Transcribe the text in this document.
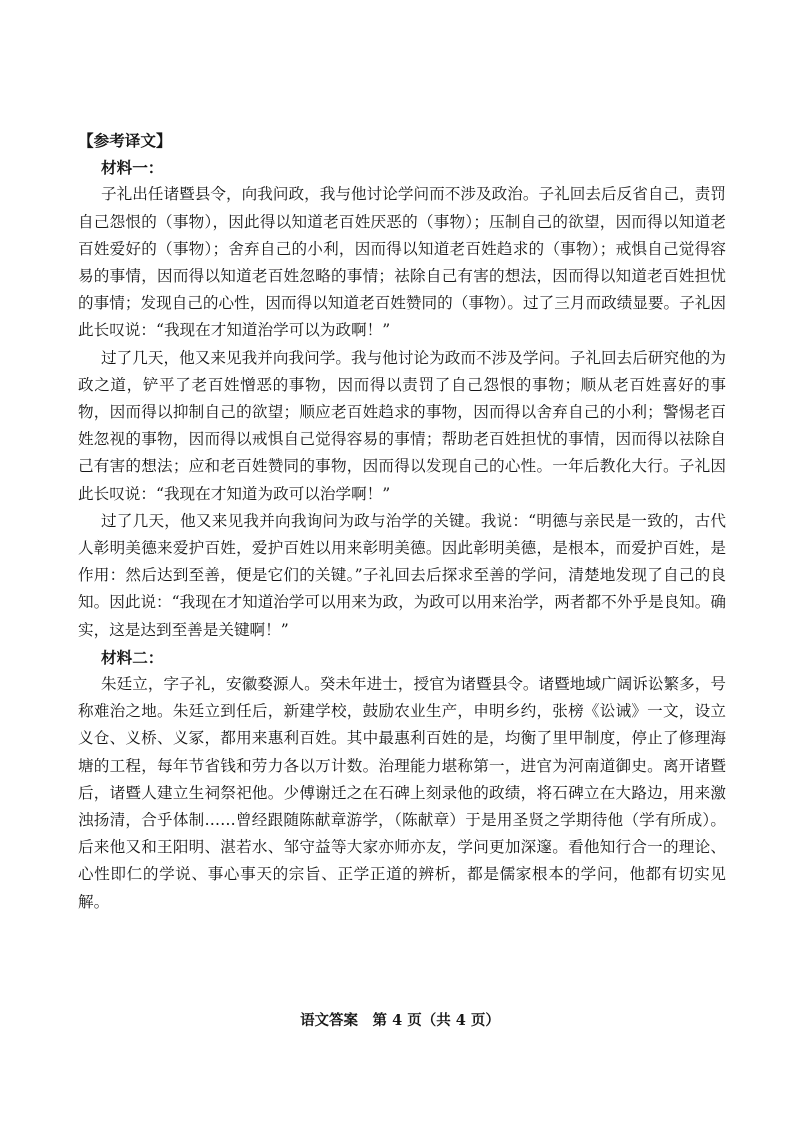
【参考译文】

材料一：

子礼出任诸暨县令，向我问政，我与他讨论学问而不涉及政治。子礼回去后反省自己，责罚自己怨恨的（事物），因此得以知道老百姓厌恶的（事物）；压制自己的欲望，因而得以知道老百姓爱好的（事物）；舍弃自己的小利，因而得以知道老百姓趋求的（事物）；戒惧自己觉得容易的事情，因而得以知道老百姓忽略的事情；祛除自己有害的想法，因而得以知道老百姓担忧的事情；发现自己的心性，因而得以知道老百姓赞同的（事物）。过了三月而政绩显要。子礼因此长叹说：“我现在才知道治学可以为政啊！”

过了几天，他又来见我并向我问学。我与他讨论为政而不涉及学问。子礼回去后研究他的为政之道，铲平了老百姓憎恶的事物，因而得以责罚了自己怨恨的事物；顺从老百姓喜好的事物，因而得以抑制自己的欲望；顺应老百姓趋求的事物，因而得以舍弃自己的小利；警惕老百姓忽视的事物，因而得以戒惧自己觉得容易的事情；帮助老百姓担忧的事情，因而得以祛除自己有害的想法；应和老百姓赞同的事物，因而得以发现自己的心性。一年后教化大行。子礼因此长叹说：“我现在才知道为政可以治学啊！”

过了几天，他又来见我并向我询问为政与治学的关键。我说：“明德与亲民是一致的，古代人彰明美德来爱护百姓，爱护百姓以用来彰明美德。因此彰明美德，是根本，而爱护百姓，是作用：然后达到至善，便是它们的关键。”子礼回去后探求至善的学问，清楚地发现了自己的良知。因此说：“我现在才知道治学可以用来为政，为政可以用来治学，两者都不外乎是良知。确实，这是达到至善是关键啊！”

材料二：

朱廷立，字子礼，安徽婺源人。癸未年进士，授官为诸暨县令。诸暨地域广阔诉讼繁多，号称难治之地。朱廷立到任后，新建学校，鼓励农业生产，申明乡约，张榜《讼诫》一文，设立义仓、义桥、义冢，都用来惠利百姓。其中最惠利百姓的是，均衡了里甲制度，停止了修理海塘的工程，每年节省钱和劳力各以万计数。治理能力堪称第一，进官为河南道御史。离开诸暨后，诸暨人建立生祠祭祀他。少傅谢迁之在石碑上刻录他的政绩，将石碑立在大路边，用来激浊扬清，合乎体制……曾经跟随陈献章游学，（陈献章）于是用圣贤之学期待他（学有所成）。后来他又和王阳明、湛若水、邹守益等大家亦师亦友，学问更加深邃。看他知行合一的理论、心性即仁的学说、事心事天的宗旨、正学正道的辨析，都是儒家根本的学问，他都有切实见解。

语文答案　第 4 页（共 4 页）
